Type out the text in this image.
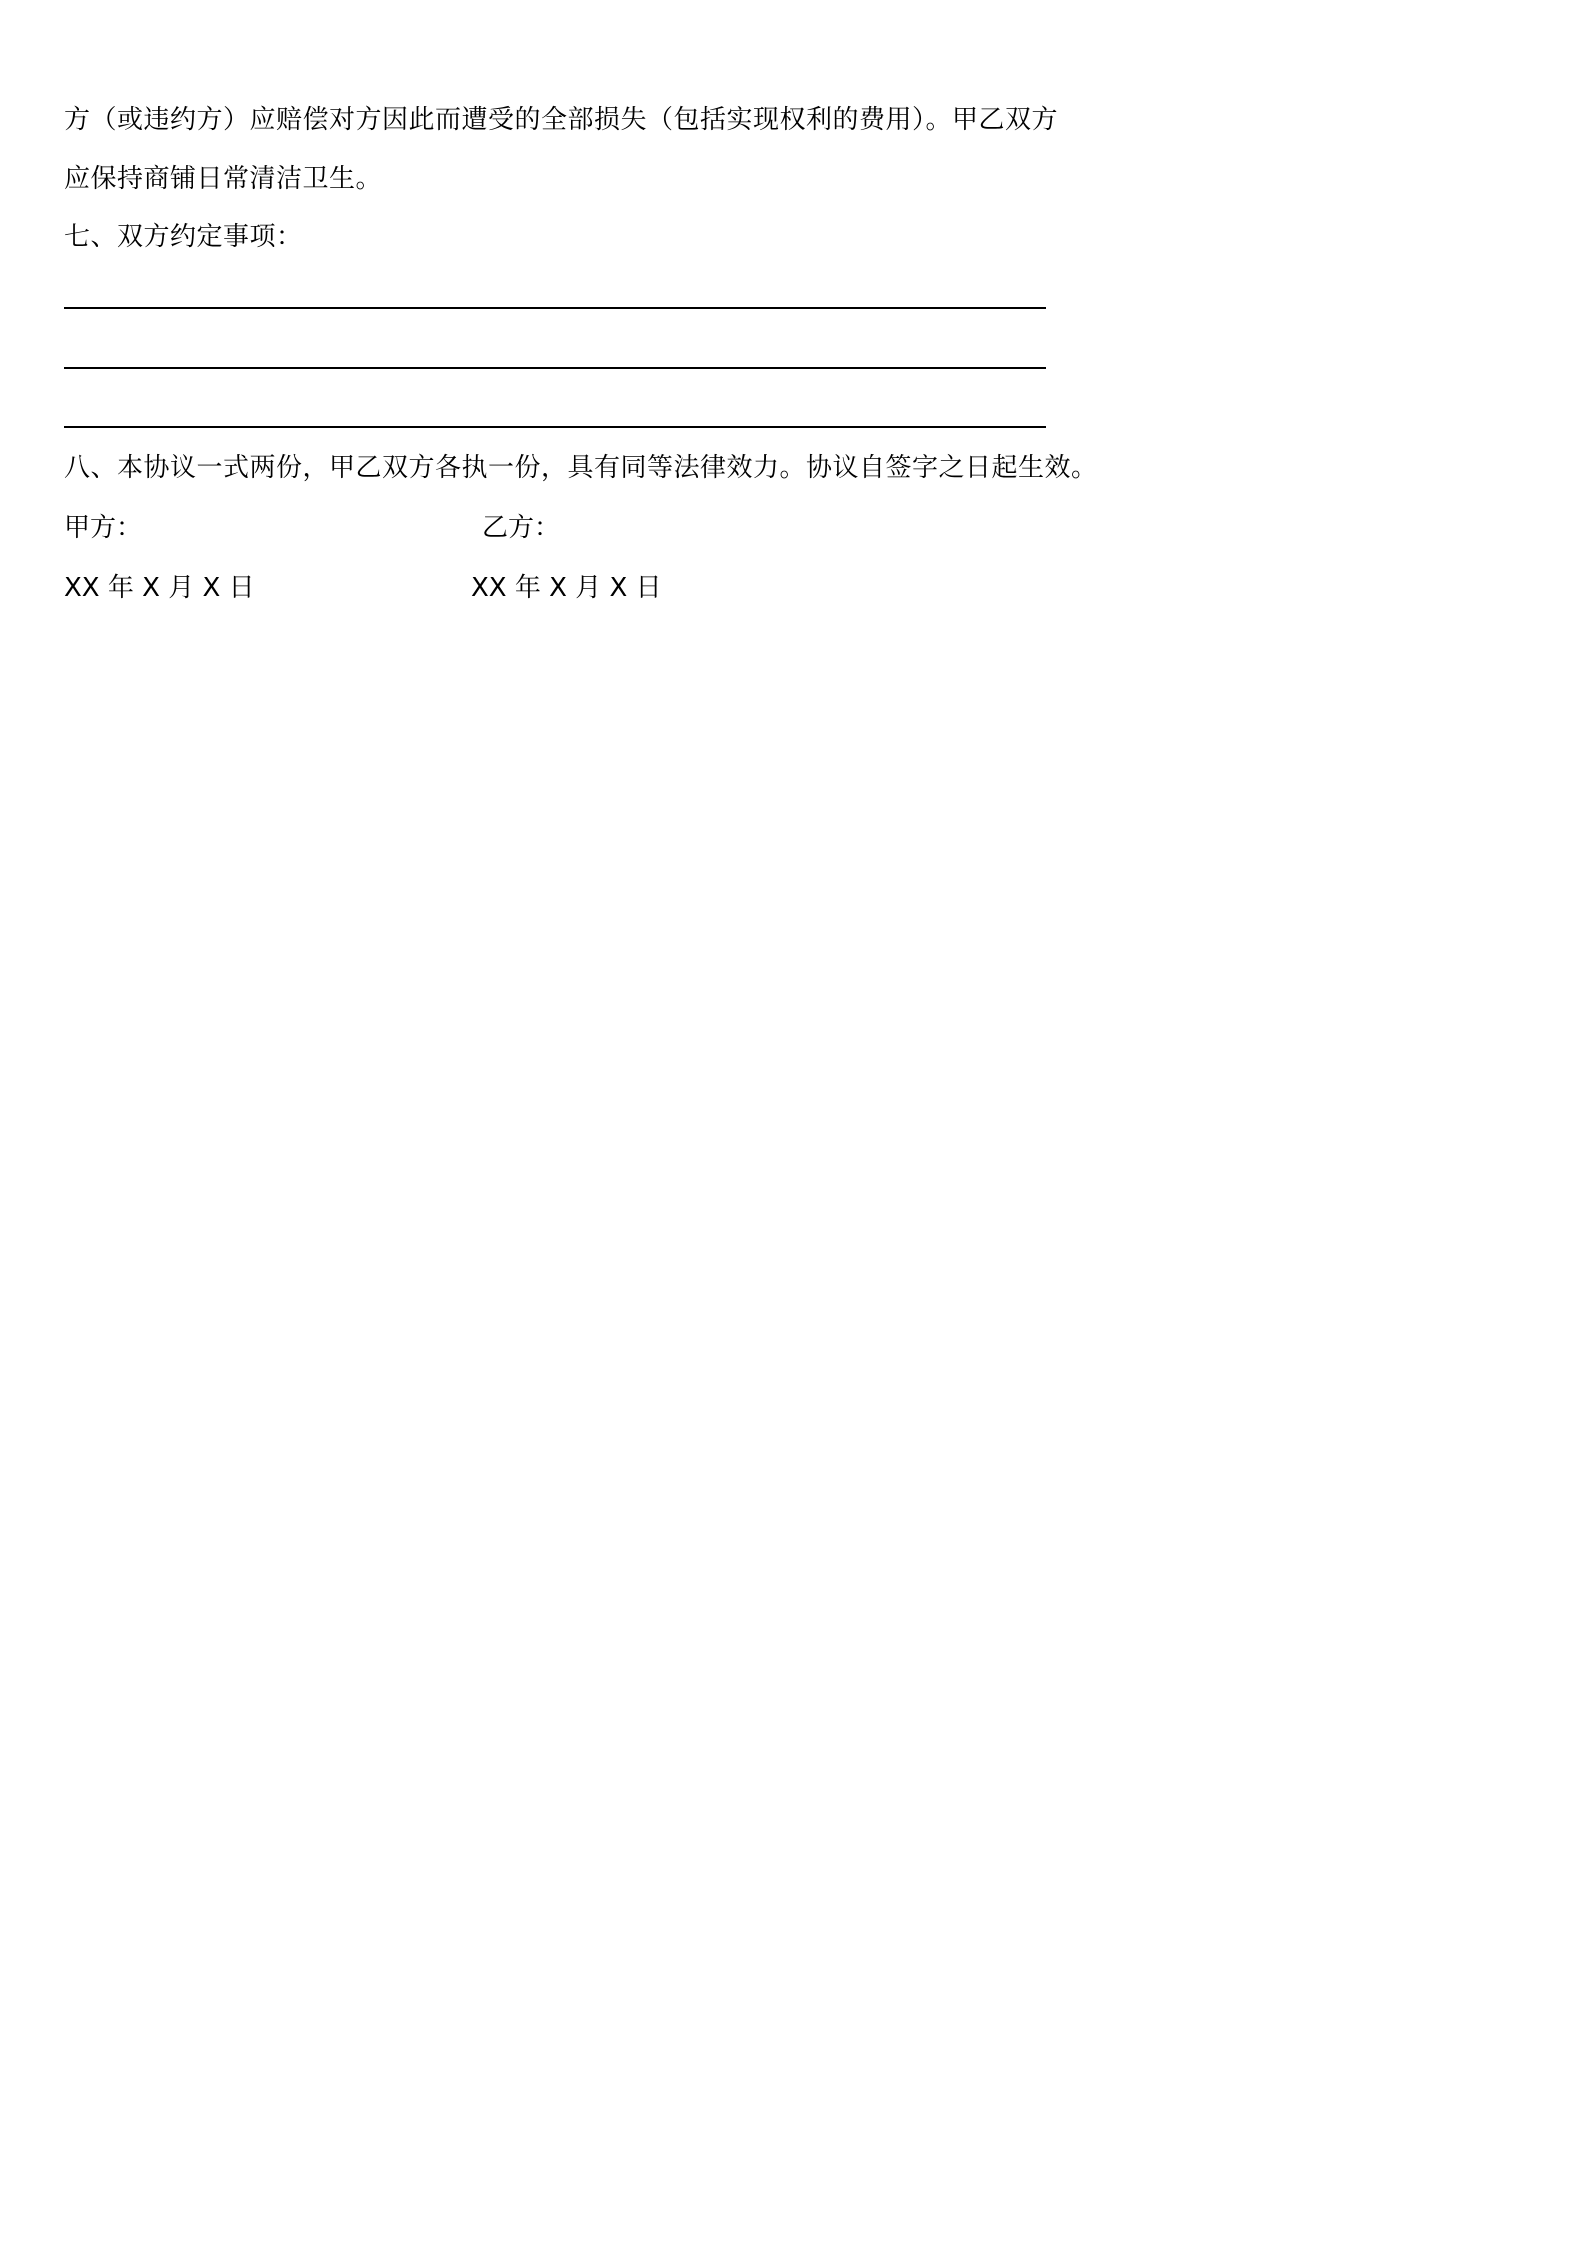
方（或违约方）应赔偿对方因此而遭受的全部损失（包括实现权利的费用）。甲乙双方
应保持商铺日常清洁卫生。
七、双方约定事项：
八、本协议一式两份，甲乙双方各执一份，具有同等法律效力。协议自签字之日起生效。
甲方：	乙方：
XX 年 X 月 X 日	XX 年 X 月 X 日
